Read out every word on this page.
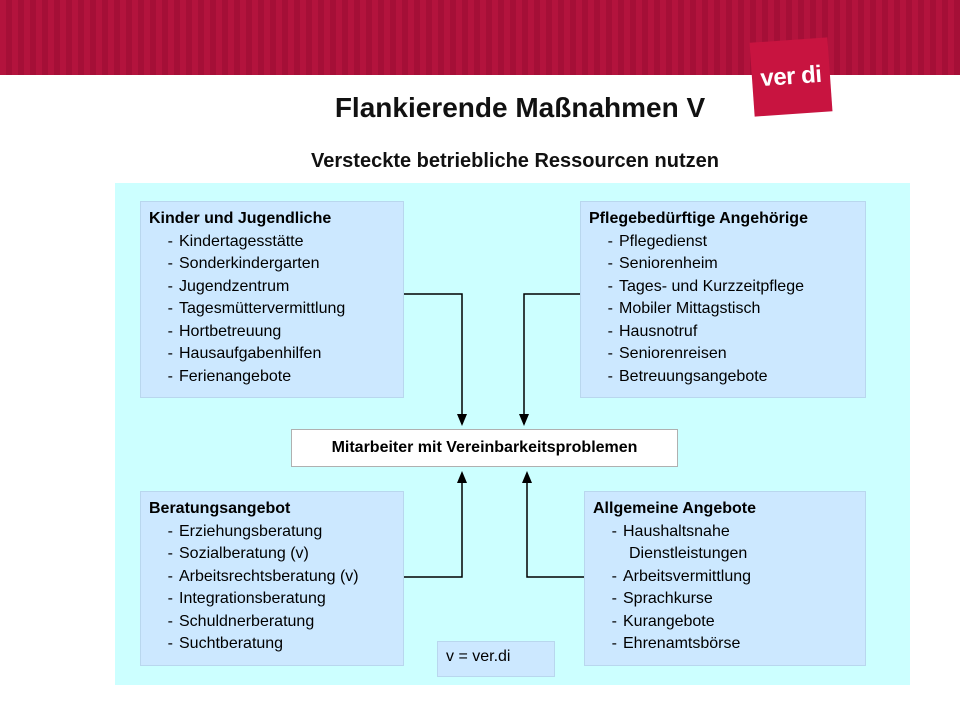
ver di
Flankierende Maßnahmen V
Versteckte betriebliche Ressourcen nutzen
Kinder und Jugendliche
- Kindertagesstätte
- Sonderkindergarten
- Jugendzentrum
- Tagesmüttervermittlung
- Hortbetreuung
- Hausaufgabenhilfen
- Ferienangebote
Pflegebedürftige Angehörige
- Pflegedienst
- Seniorenheim
- Tages- und Kurzzeitpflege
- Mobiler Mittagstisch
- Hausnotruf
- Seniorenreisen
- Betreuungsangebote
Beratungsangebot
- Erziehungsberatung
- Sozialberatung (v)
- Arbeitsrechtsberatung (v)
- Integrationsberatung
- Schuldnerberatung
- Suchtberatung
Allgemeine Angebote
- Haushaltsnahe
Dienstleistungen
- Arbeitsvermittlung
- Sprachkurse
- Kurangebote
- Ehrenamtsbörse
Mitarbeiter mit Vereinbarkeitsproblemen
v = ver.di
